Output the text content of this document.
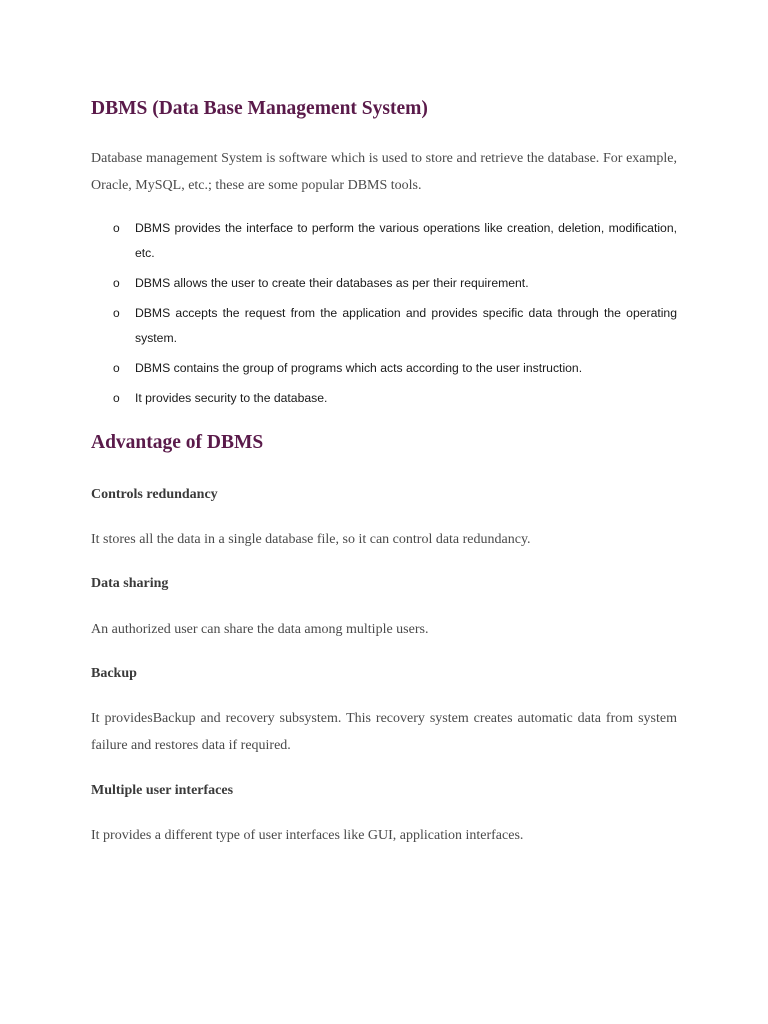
DBMS (Data Base Management System)

Database management System is software which is used to store and retrieve the database. For example, Oracle, MySQL, etc.; these are some popular DBMS tools.

o DBMS provides the interface to perform the various operations like creation, deletion, modification, etc.
o DBMS allows the user to create their databases as per their requirement.
o DBMS accepts the request from the application and provides specific data through the operating system.
o DBMS contains the group of programs which acts according to the user instruction.
o It provides security to the database.
Advantage of DBMS
Controls redundancy

It stores all the data in a single database file, so it can control data redundancy.

Data sharing

An authorized user can share the data among multiple users.

Backup

It providesBackup and recovery subsystem. This recovery system creates automatic data from system failure and restores data if required.

Multiple user interfaces

It provides a different type of user interfaces like GUI, application interfaces.
